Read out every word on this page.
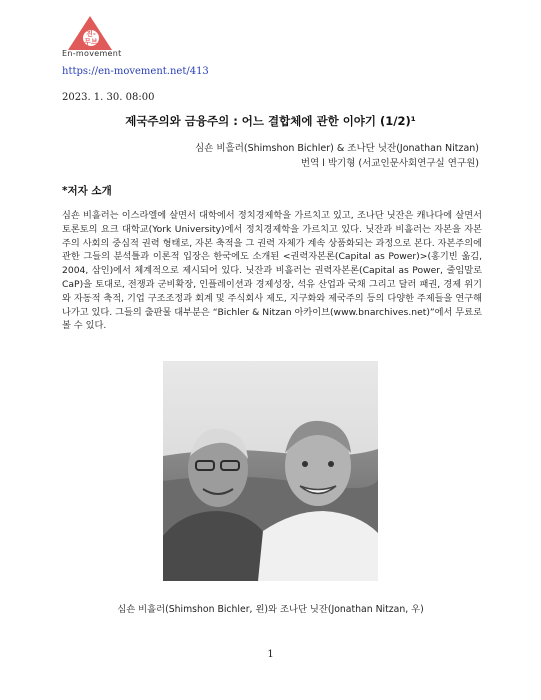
진-무브
En-movement
https://en-movement.net/413
2023. 1. 30. 08:00
제국주의와 금융주의 : 어느 결합체에 관한 이야기 (1/2)¹
심숀 비흘러(Shimshon Bichler) & 조나단 닛잔(Jonathan Nitzan)
번역 l 박기형 (서교인문사회연구실 연구원)
*저자 소개

심숀 비흘러는 이스라엘에 살면서 대학에서 정치경제학을 가르치고 있고, 조나단 닛잔은 캐나다에 살면서 토론토의 요크 대학교(York University)에서 정치경제학을 가르치고 있다. 닛잔과 비흘러는 자본을 자본주의 사회의 중심적 권력 형태로, 자본 축적을 그 권력 자체가 계속 상품화되는 과정으로 본다. 자본주의에 관한 그들의 분석틀과 이론적 입장은 한국에도 소개된 <권력자본론(Capital as Power)>(홍기빈 옮김, 2004, 삼인)에서 체계적으로 제시되어 있다. 닛잔과 비흘러는 권력자본론(Capital as Power, 줄임말로 CaP)을 토대로, 전쟁과 군비확장, 인플레이션과 경제성장, 석유 산업과 국채 그리고 달러 패권, 경제 위기와 자동적 축적, 기업 구조조정과 회계 및 주식회사 제도, 지구화와 제국주의 등의 다양한 주제들을 연구해나가고 있다. 그들의 출판물 대부분은 “Bichler & Nitzan 아카이브(www.bnarchives.net)”에서 무료로 볼 수 있다.

심숀 비흘러(Shimshon Bichler, 왼)와 조나단 닛잔(Jonathan Nitzan, 우)
1
